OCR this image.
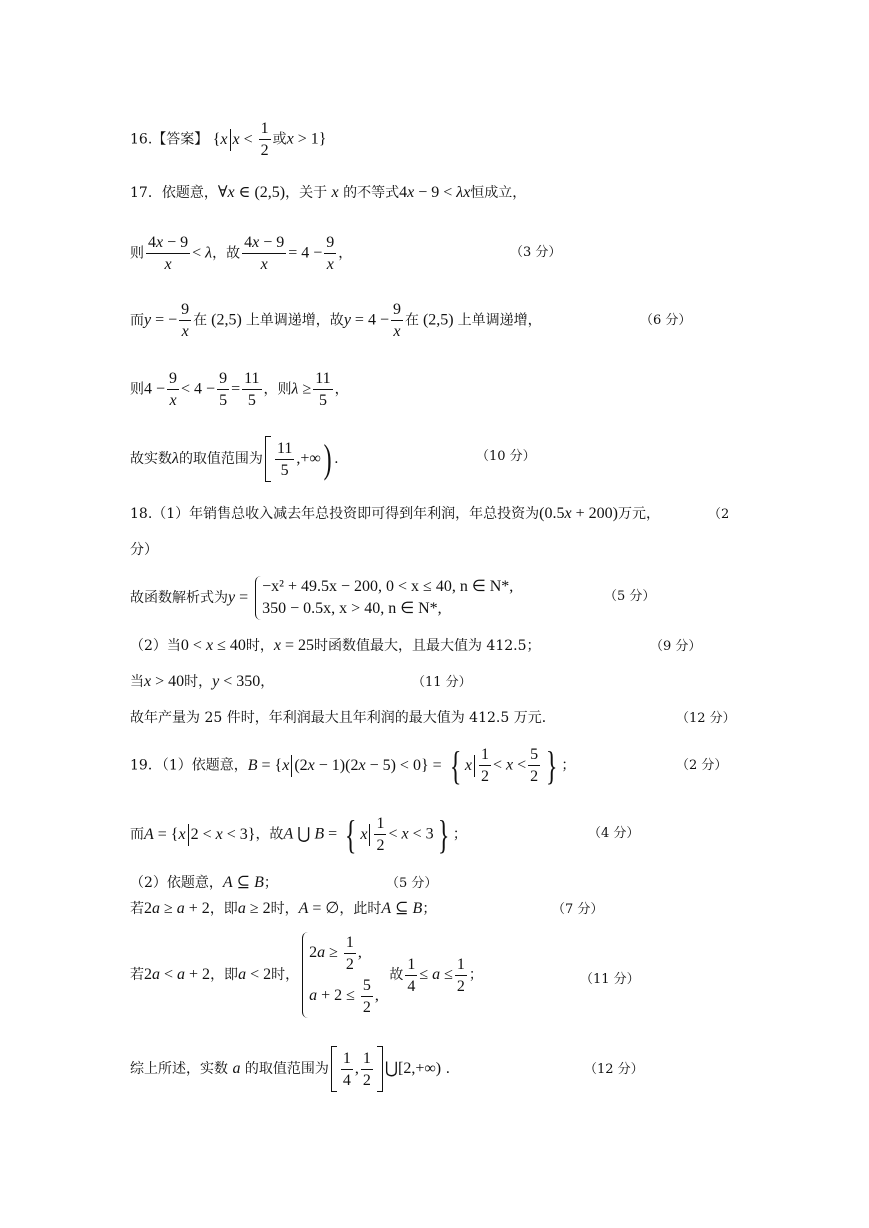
16.【答案】 {x $x < \frac{1}{2}$ 或x > 1}
17．依题意，∀x ∈ (2,5)，关于 x 的不等式4x − 9 < λx恒成立，
则 $\frac{4x - 9}{x} < \lambda$，故 $\frac{4x - 9}{x} = 4 - \frac{9}{x}$ ，	（3 分）
而y = − $\frac{9}{x}$ 在 (2,5) 上单调递增，故$y = 4 - \frac{9}{x}$ 在 (2,5) 上单调递增，	（6 分）
则$4 - \frac{9}{x} < 4 - \frac{9}{5} = \frac{11}{5}$ ，则$\lambda \ge \frac{11}{5}$ ，
故实数λ的取值范围为 $\frac{11}{5}$ ,+∞) .	（10 分）
18.（1）年销售总收入减去年总投资即可得到年利润，年总投资为(0.5x + 200)万元，	（2
分）
故函数解析式为y =
−x² + 49.5x − 200, 0 < x ≤ 40, n ∈ N*,
350 − 0.5x, x > 40, n ∈ N*,
（5 分）
（2）当0 < x ≤ 40时，x = 25时函数值最大，且最大值为 412.5；	（9 分）
当x > 40时，y < 350，	（11 分）
故年产量为 25 件时，年利润最大且年利润的最大值为 412.5 万元．	（12 分）
19．（1）依题意，B = {x (2x − 1)(2x − 5) < 0} = { x $\frac{1}{2} < x < \frac{5}{2}$ } ；	（2 分）
而A = {x 2 < x < 3}，故A ⋃ B = { x $\frac{1}{2} < x < 3$} ；	（4 分）
（2）依题意，A ⊆ B；	（5 分）
若2a ≥ a + 2，即a ≥ 2时，A = ∅，此时A ⊆ B；	（7 分）
若2a < a + 2，即a < 2时，
$2a \ge \frac{1}{2}$ ,
$a + 2 \le \frac{5}{2}$ ,
故 $\frac{1}{4} \le a \le \frac{1}{2}$ ；	（11 分）
综上所述，实数 a 的取值范围为 $\frac{1}{4}$ , $\frac{1}{2}$ ⋃[2,+∞) .	（12 分）
